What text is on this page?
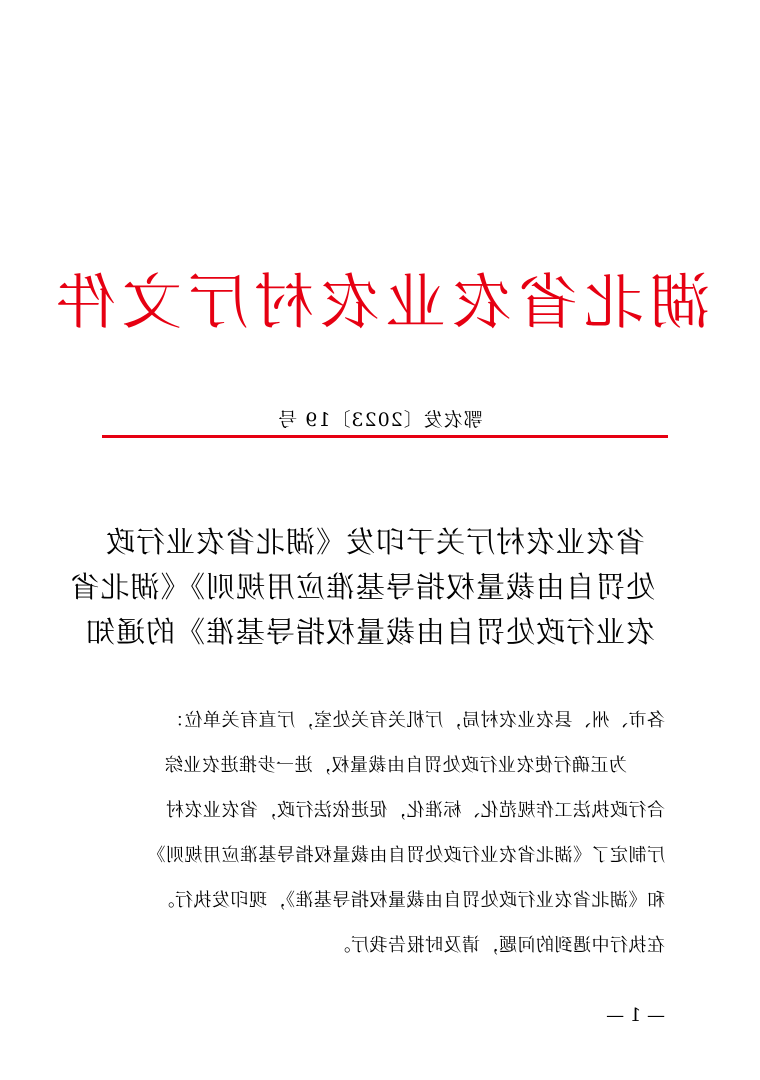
湖北省农业农村厅文件
鄂农发〔2023〕19 号
省农业农村厅关于印发《湖北省农业行政
处罚自由裁量权指导基准应用规则》《湖北省
农业行政处罚自由裁量权指导基准》的通知
各市、州、县农业农村局，厅机关有关处室，厅直有关单位：
为正确行使农业行政处罚自由裁量权，进一步推进农业综
合行政执法工作规范化、标准化，促进依法行政，省农业农村
厅制定了《湖北省农业行政处罚自由裁量权指导基准应用规则》
和《湖北省农业行政处罚自由裁量权指导基准》，现印发执行。
在执行中遇到的问题，请及时报告我厅。
— 1 —
